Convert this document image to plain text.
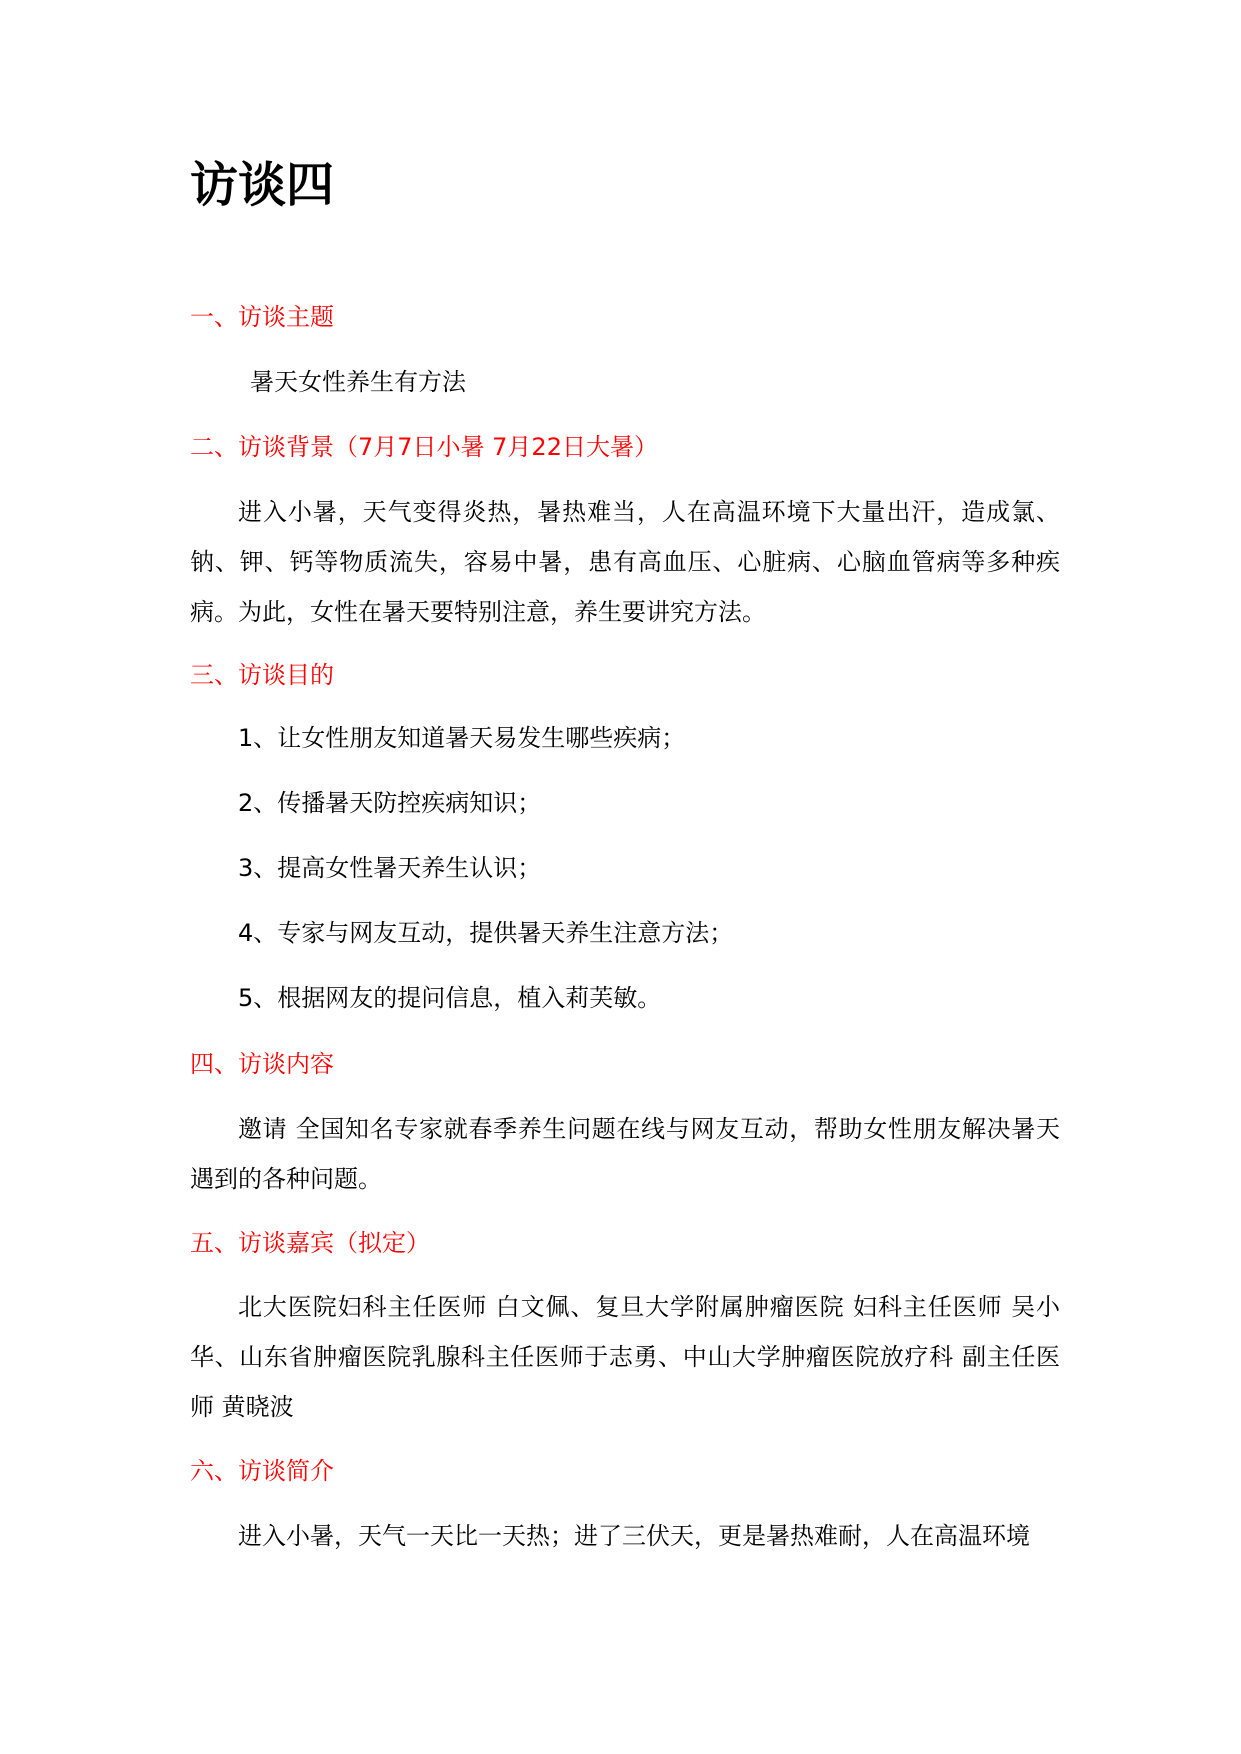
访谈四

一、访谈主题

暑天女性养生有方法

二、访谈背景（7月7日小暑 7月22日大暑）

进入小暑，天气变得炎热，暑热难当，人在高温环境下大量出汗，造成氯、钠、钾、钙等物质流失，容易中暑，患有高血压、心脏病、心脑血管病等多种疾病。为此，女性在暑天要特别注意，养生要讲究方法。

三、访谈目的

1、让女性朋友知道暑天易发生哪些疾病；

2、传播暑天防控疾病知识；

3、提高女性暑天养生认识；

4、专家与网友互动，提供暑天养生注意方法；

5、根据网友的提问信息，植入莉芙敏。

四、访谈内容

邀请 全国知名专家就春季养生问题在线与网友互动，帮助女性朋友解决暑天遇到的各种问题。

五、访谈嘉宾（拟定）

北大医院妇科主任医师 白文佩、复旦大学附属肿瘤医院 妇科主任医师 吴小华、山东省肿瘤医院乳腺科主任医师于志勇、中山大学肿瘤医院放疗科 副主任医师 黄晓波

六、访谈简介

进入小暑，天气一天比一天热；进了三伏天，更是暑热难耐，人在高温环境
